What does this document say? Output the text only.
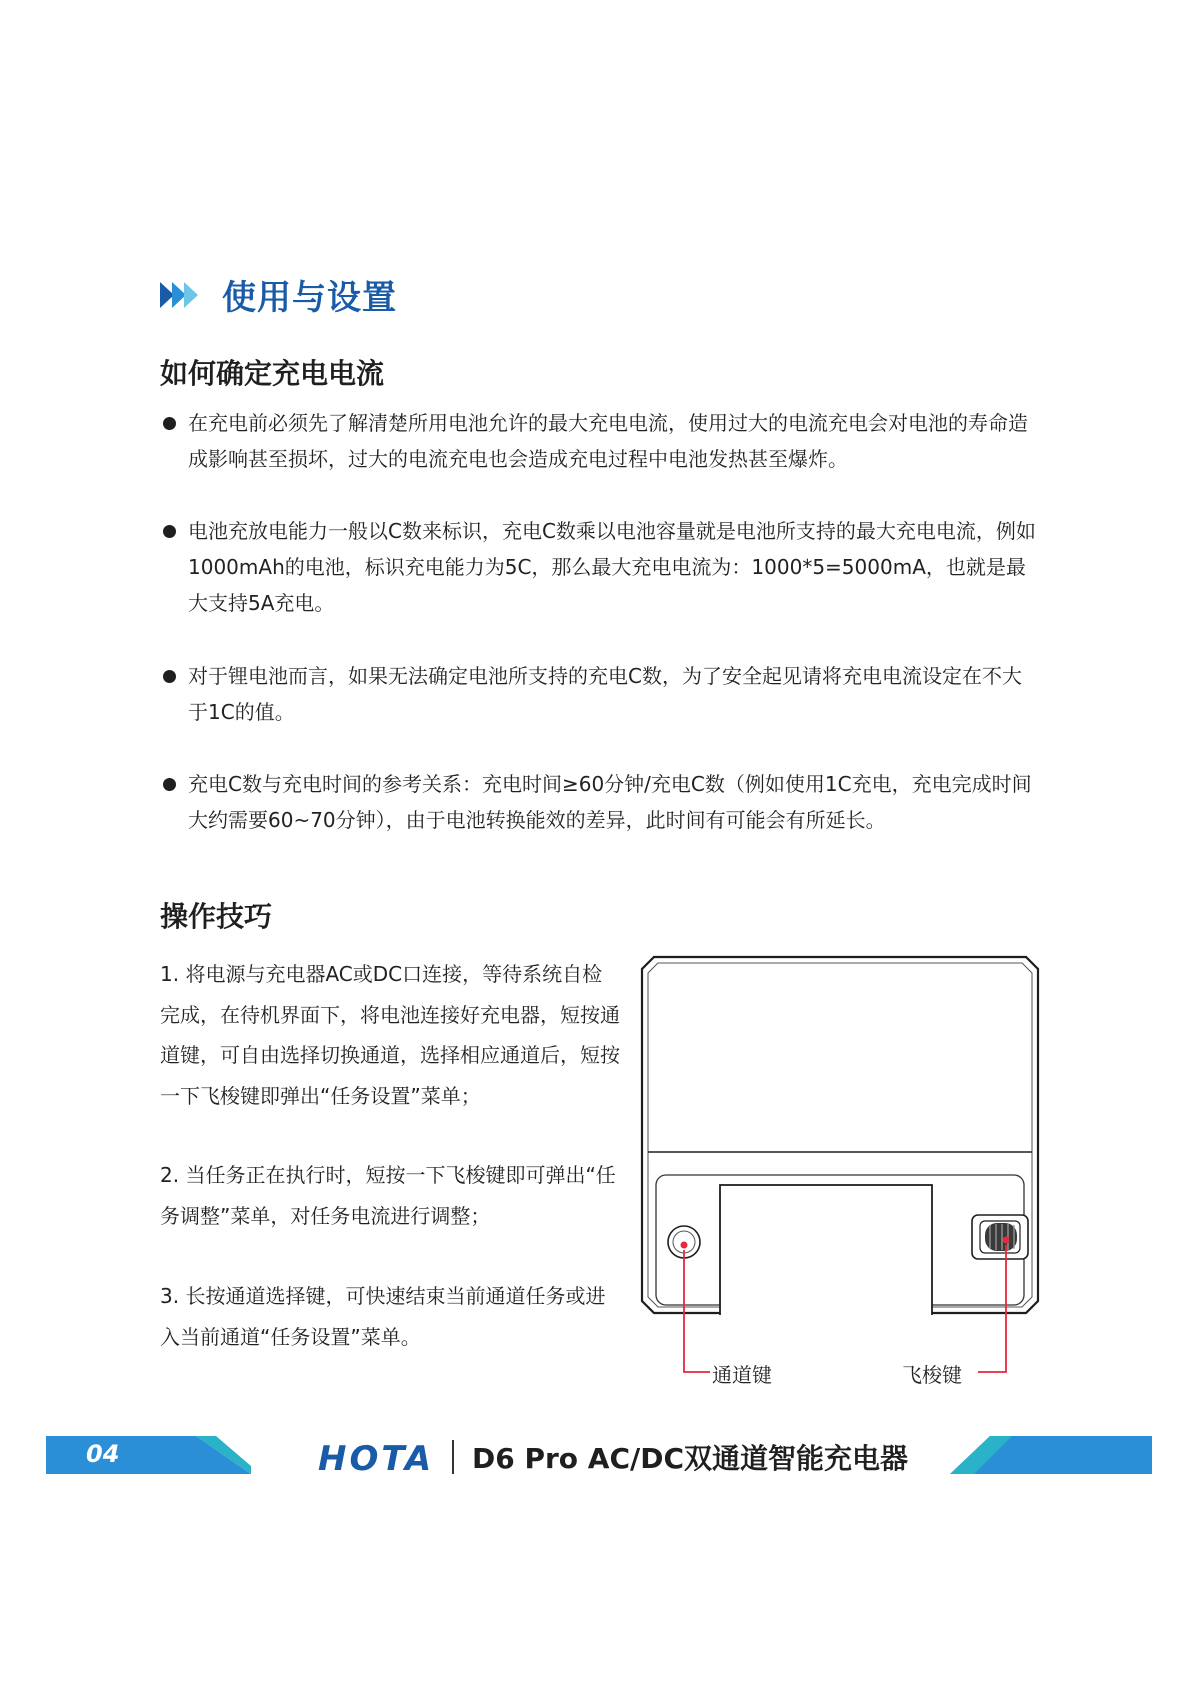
使用与设置
如何确定充电电流
在充电前必须先了解清楚所用电池允许的最大充电电流，使用过大的电流充电会对电池的寿命造成影响甚至损坏，过大的电流充电也会造成充电过程中电池发热甚至爆炸。
电池充放电能力一般以C数来标识，充电C数乘以电池容量就是电池所支持的最大充电电流，例如1000mAh的电池，标识充电能力为5C，那么最大充电电流为：1000*5=5000mA，也就是最大支持5A充电。
对于锂电池而言，如果无法确定电池所支持的充电C数，为了安全起见请将充电电流设定在不大于1C的值。
充电C数与充电时间的参考关系：充电时间≥60分钟/充电C数（例如使用1C充电，充电完成时间大约需要60~70分钟），由于电池转换能效的差异，此时间有可能会有所延长。
操作技巧
1. 将电源与充电器AC或DC口连接，等待系统自检完成，在待机界面下，将电池连接好充电器，短按通道键，可自由选择切换通道，选择相应通道后，短按一下飞梭键即弹出“任务设置”菜单；
2. 当任务正在执行时，短按一下飞梭键即可弹出“任务调整”菜单，对任务电流进行调整；
3. 长按通道选择键，可快速结束当前通道任务或进入当前通道“任务设置”菜单。
通道键	飞梭键
04	HOTA D6 Pro AC/DC双通道智能充电器
